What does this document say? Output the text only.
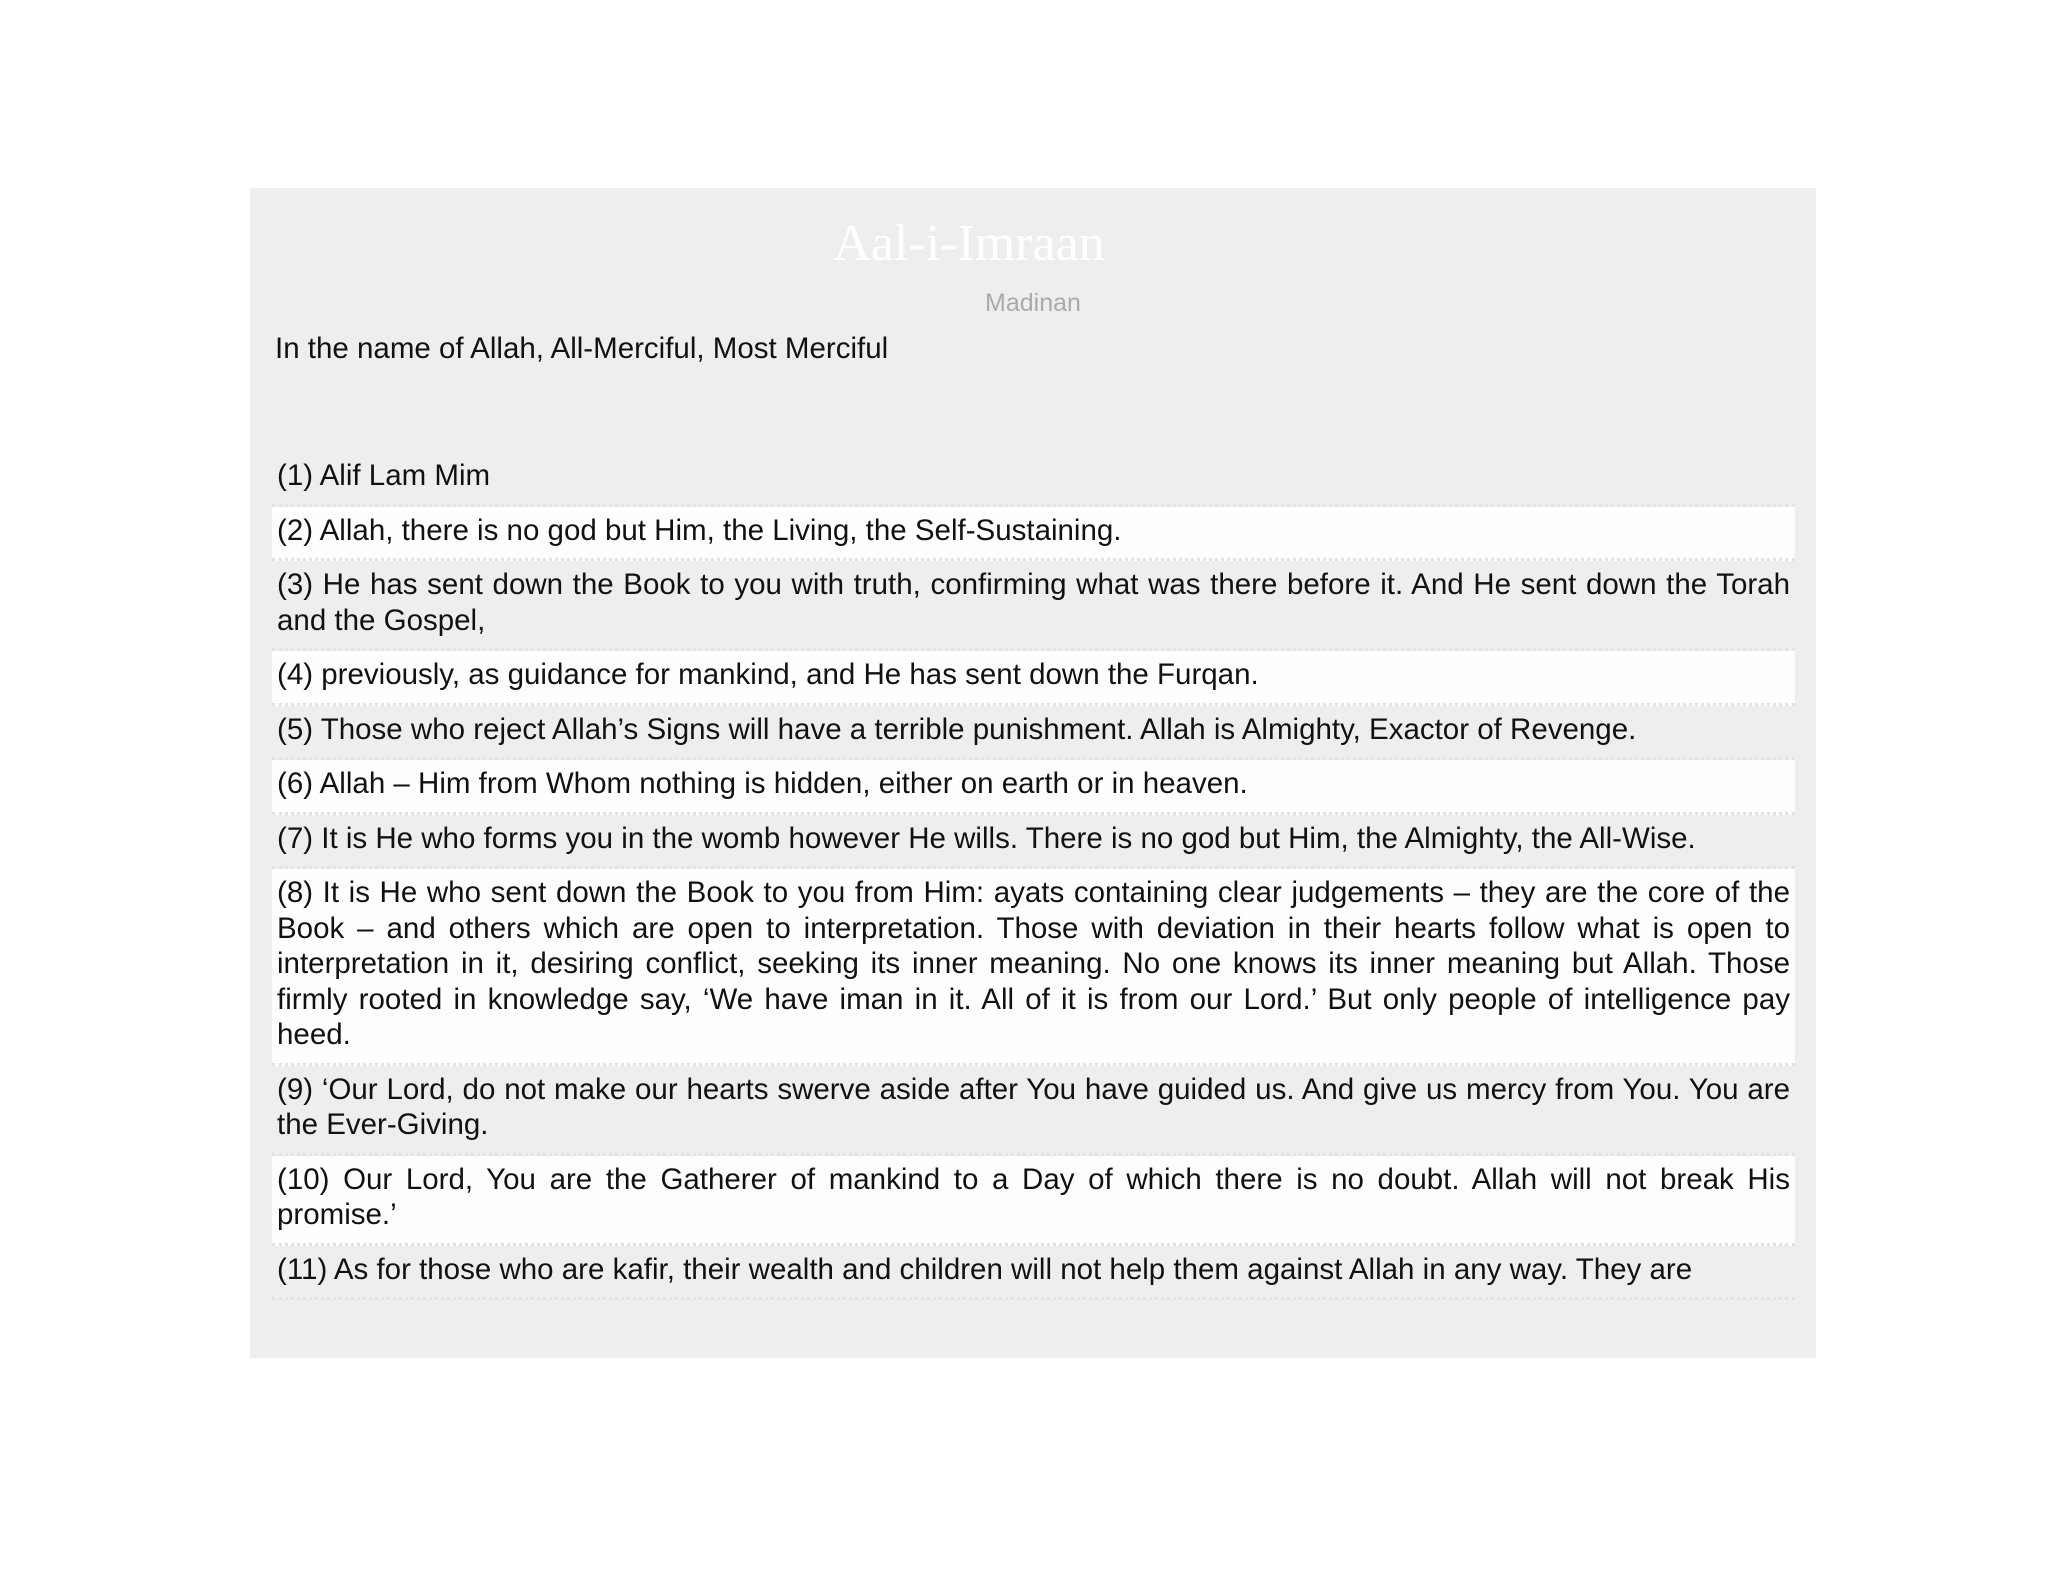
Aal-i-Imraan
Madinan
In the name of Allah, All-Merciful, Most Merciful
(1) Alif Lam Mim
(2) Allah, there is no god but Him, the Living, the Self-Sustaining.
(3) He has sent down the Book to you with truth, confirming what was there before it. And He sent down the Torah and the Gospel,
(4) previously, as guidance for mankind, and He has sent down the Furqan.
(5) Those who reject Allah’s Signs will have a terrible punishment. Allah is Almighty, Exactor of Revenge.
(6) Allah – Him from Whom nothing is hidden, either on earth or in heaven.
(7) It is He who forms you in the womb however He wills. There is no god but Him, the Almighty, the All-Wise.
(8) It is He who sent down the Book to you from Him: ayats containing clear judgements – they are the core of the Book – and others which are open to interpretation. Those with deviation in their hearts follow what is open to interpretation in it, desiring conflict, seeking its inner meaning. No one knows its inner meaning but Allah. Those firmly rooted in knowledge say, ‘We have iman in it. All of it is from our Lord.’ But only people of intelligence pay heed.
(9) ‘Our Lord, do not make our hearts swerve aside after You have guided us. And give us mercy from You. You are the Ever-Giving.
(10) Our Lord, You are the Gatherer of mankind to a Day of which there is no doubt. Allah will not break His promise.’
(11) As for those who are kafir, their wealth and children will not help them against Allah in any way. They are
